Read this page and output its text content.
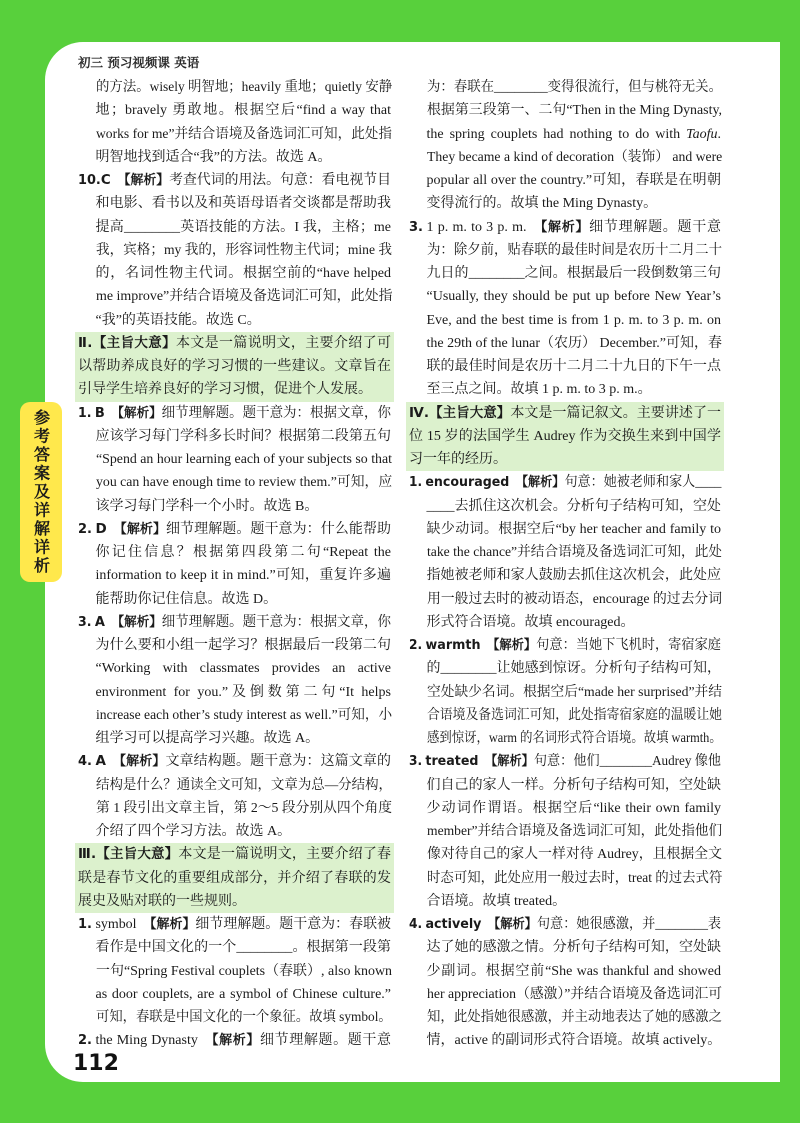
初三 预习视频课 英语
参考答案及详解详析
的方法。wisely 明智地；heavily 重地；quietly 安静
地；bravely 勇敢地。根据空后“find a way that
works for me”并结合语境及备选词汇可知，此处指
明智地找到适合“我”的方法。故选 A。
10.C 【解析】考查代词的用法。句意：看电视节目
和电影、看书以及和英语母语者交谈都是帮助我
提高________英语技能的方法。I 我，主格；me
我，宾格；my 我的，形容词性物主代词；mine 我
的，名词性物主代词。根据空前的“have helped
me improve”并结合语境及备选词汇可知，此处指
“我”的英语技能。故选 C。
Ⅱ.【主旨大意】本文是一篇说明文，主要介绍了可
以帮助养成良好的学习习惯的一些建议。文章旨在
引导学生培养良好的学习习惯，促进个人发展。
1. B 【解析】细节理解题。题干意为：根据文章，你
应该学习每门学科多长时间？根据第二段第五句
“Spend an hour learning each of your subjects so that
you can have enough time to review them.”可知，应
该学习每门学科一个小时。故选 B。
2. D 【解析】细节理解题。题干意为：什么能帮助
你记住信息？根据第四段第二句“Repeat the
information to keep it in mind.”可知，重复许多遍
能帮助你记住信息。故选 D。
3. A 【解析】细节理解题。题干意为：根据文章，你
为什么要和小组一起学习？根据最后一段第二句
“Working with classmates provides an active
environment for you.”及倒数第二句“It helps
increase each other’s study interest as well.”可知，小
组学习可以提高学习兴趣。故选 A。
4. A 【解析】文章结构题。题干意为：这篇文章的
结构是什么？通读全文可知，文章为总—分结构，
第 1 段引出文章主旨，第 2～5 段分别从四个角度
介绍了四个学习方法。故选 A。
Ⅲ.【主旨大意】本文是一篇说明文，主要介绍了春
联是春节文化的重要组成部分，并介绍了春联的发
展史及贴对联的一些规则。
1. symbol 【解析】细节理解题。题干意为：春联被
看作是中国文化的一个________。根据第一段第
一句“Spring Festival couplets（春联）, also known
as door couplets, are a symbol of Chinese culture.”
可知，春联是中国文化的一个象征。故填 symbol。
2. the Ming Dynasty 【解析】细节理解题。题干意
为：春联在________变得很流行，但与桃符无关。
根据第三段第一、二句“Then in the Ming Dynasty,
the spring couplets had nothing to do with Taofu.
They became a kind of decoration（装饰） and were
popular all over the country.”可知，春联是在明朝
变得流行的。故填 the Ming Dynasty。
3. 1 p. m. to 3 p. m. 【解析】细节理解题。题干意
为：除夕前，贴春联的最佳时间是农历十二月二十
九日的________之间。根据最后一段倒数第三句
“Usually, they should be put up before New Year’s
Eve, and the best time is from 1 p. m. to 3 p. m. on
the 29th of the lunar（农历） December.”可知，春
联的最佳时间是农历十二月二十九日的下午一点
至三点之间。故填 1 p. m. to 3 p. m.。
Ⅳ.【主旨大意】本文是一篇记叙文。主要讲述了一
位 15 岁的法国学生 Audrey 作为交换生来到中国学
习一年的经历。
1. encouraged 【解析】句意：她被老师和家人____
____去抓住这次机会。分析句子结构可知，空处
缺少动词。根据空后“by her teacher and family to
take the chance”并结合语境及备选词汇可知，此处
指她被老师和家人鼓励去抓住这次机会，此处应
用一般过去时的被动语态，encourage 的过去分词
形式符合语境。故填 encouraged。
2. warmth 【解析】句意：当她下飞机时，寄宿家庭
的________让她感到惊讶。分析句子结构可知，
空处缺少名词。根据空后“made her surprised”并结
合语境及备选词汇可知，此处指寄宿家庭的温暖让她
感到惊讶，warm 的名词形式符合语境。故填 warmth。
3. treated 【解析】句意：他们________Audrey 像他
们自己的家人一样。分析句子结构可知，空处缺
少动词作谓语。根据空后“like their own family
member”并结合语境及备选词汇可知，此处指他们
像对待自己的家人一样对待 Audrey，且根据全文
时态可知，此处应用一般过去时，treat 的过去式符
合语境。故填 treated。
4. actively 【解析】句意：她很感激，并________表
达了她的感激之情。分析句子结构可知，空处缺
少副词。根据空前“She was thankful and showed
her appreciation（感激）”并结合语境及备选词汇可
知，此处指她很感激，并主动地表达了她的感激之
情，active 的副词形式符合语境。故填 actively。
112
